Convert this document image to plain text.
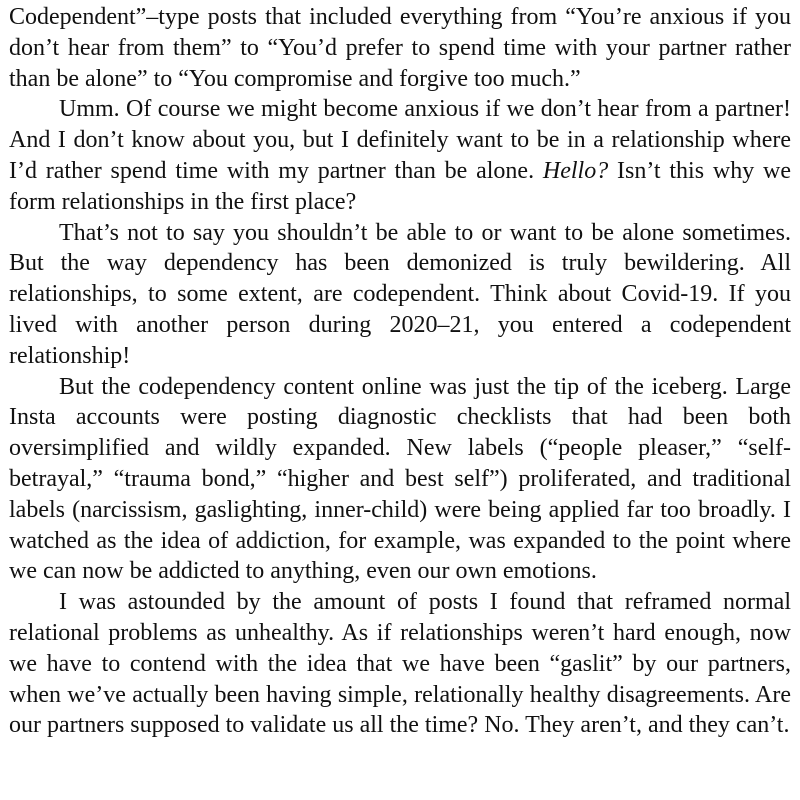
Codependent”–type posts that included everything from “You’re anxious if you don’t hear from them” to “You’d prefer to spend time with your partner rather than be alone” to “You compromise and forgive too much.”

Umm. Of course we might become anxious if we don’t hear from a partner! And I don’t know about you, but I definitely want to be in a relationship where I’d rather spend time with my partner than be alone. Hello? Isn’t this why we form relationships in the first place?

That’s not to say you shouldn’t be able to or want to be alone sometimes. But the way dependency has been demonized is truly bewildering. All relationships, to some extent, are codependent. Think about Covid-19. If you lived with another person during 2020–21, you entered a codependent relationship!

But the codependency content online was just the tip of the iceberg. Large Insta accounts were posting diagnostic checklists that had been both oversimplified and wildly expanded. New labels (“people pleaser,” “self-betrayal,” “trauma bond,” “higher and best self”) proliferated, and traditional labels (narcissism, gaslighting, inner-child) were being applied far too broadly. I watched as the idea of addiction, for example, was expanded to the point where we can now be addicted to anything, even our own emotions.

I was astounded by the amount of posts I found that reframed normal relational problems as unhealthy. As if relationships weren’t hard enough, now we have to contend with the idea that we have been “gaslit” by our partners, when we’ve actually been having simple, relationally healthy disagreements. Are our partners supposed to validate us all the time? No. They aren’t, and they can’t.
